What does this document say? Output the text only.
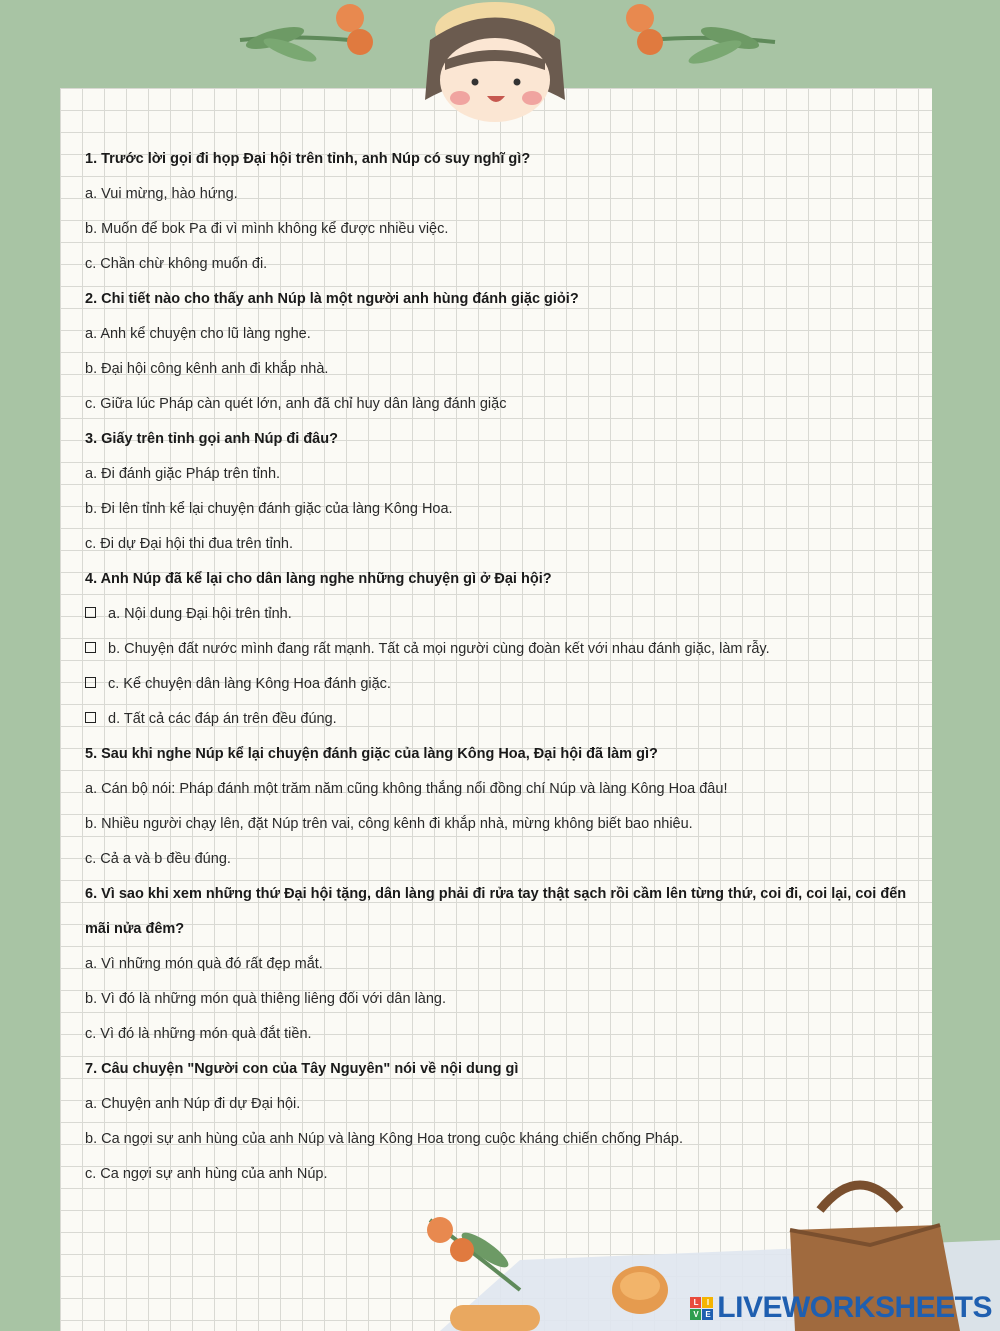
1. Trước lời gọi đi họp Đại hội trên tỉnh, anh Núp có suy nghĩ gì?
a. Vui mừng, hào hứng.
b. Muốn để bok Pa đi vì mình không kể được nhiều việc.
c. Chần chừ không muốn đi.
2. Chi tiết nào cho thấy anh Núp là một người anh hùng đánh giặc giỏi?
a. Anh kể chuyện cho lũ làng nghe.
b. Đại hội công kênh anh đi khắp nhà.
c. Giữa lúc Pháp càn quét lớn, anh đã chỉ huy dân làng đánh giặc
3. Giấy trên tỉnh gọi anh Núp đi đâu?
a. Đi đánh giặc Pháp trên tỉnh.
b. Đi lên tỉnh kể lại chuyện đánh giặc của làng Kông Hoa.
c. Đi dự Đại hội thi đua trên tỉnh.
4. Anh Núp đã kể lại cho dân làng nghe những chuyện gì ở Đại hội?
a. Nội dung Đại hội trên tỉnh.
b. Chuyện đất nước mình đang rất mạnh. Tất cả mọi người cùng đoàn kết với nhau đánh giặc, làm rẫy.
c. Kể chuyện dân làng Kông Hoa đánh giặc.
d. Tất cả các đáp án trên đều đúng.
5. Sau khi nghe Núp kể lại chuyện đánh giặc của làng Kông Hoa, Đại hội đã làm gì?
a. Cán bộ nói: Pháp đánh một trăm năm cũng không thắng nổi đồng chí Núp và làng Kông Hoa đâu!
b. Nhiều người chạy lên, đặt Núp trên vai, công kênh đi khắp nhà, mừng không biết bao nhiêu.
c. Cả a và b đều đúng.
6. Vì sao khi xem những thứ Đại hội tặng, dân làng phải đi rửa tay thật sạch rồi cầm lên từng thứ, coi đi, coi lại, coi đến
mãi nửa đêm?
a. Vì những món quà đó rất đẹp mắt.
b. Vì đó là những món quà thiêng liêng đối với dân làng.
c. Vì đó là những món quà đắt tiền.
7. Câu chuyện "Người con của Tây Nguyên" nói về nội dung gì
a. Chuyện anh Núp đi dự Đại hội.
b. Ca ngợi sự anh hùng của anh Núp và làng Kông Hoa trong cuộc kháng chiến chống Pháp.
c. Ca ngợi sự anh hùng của anh Núp.
L	I
V E LIVEWORKSHEETS
